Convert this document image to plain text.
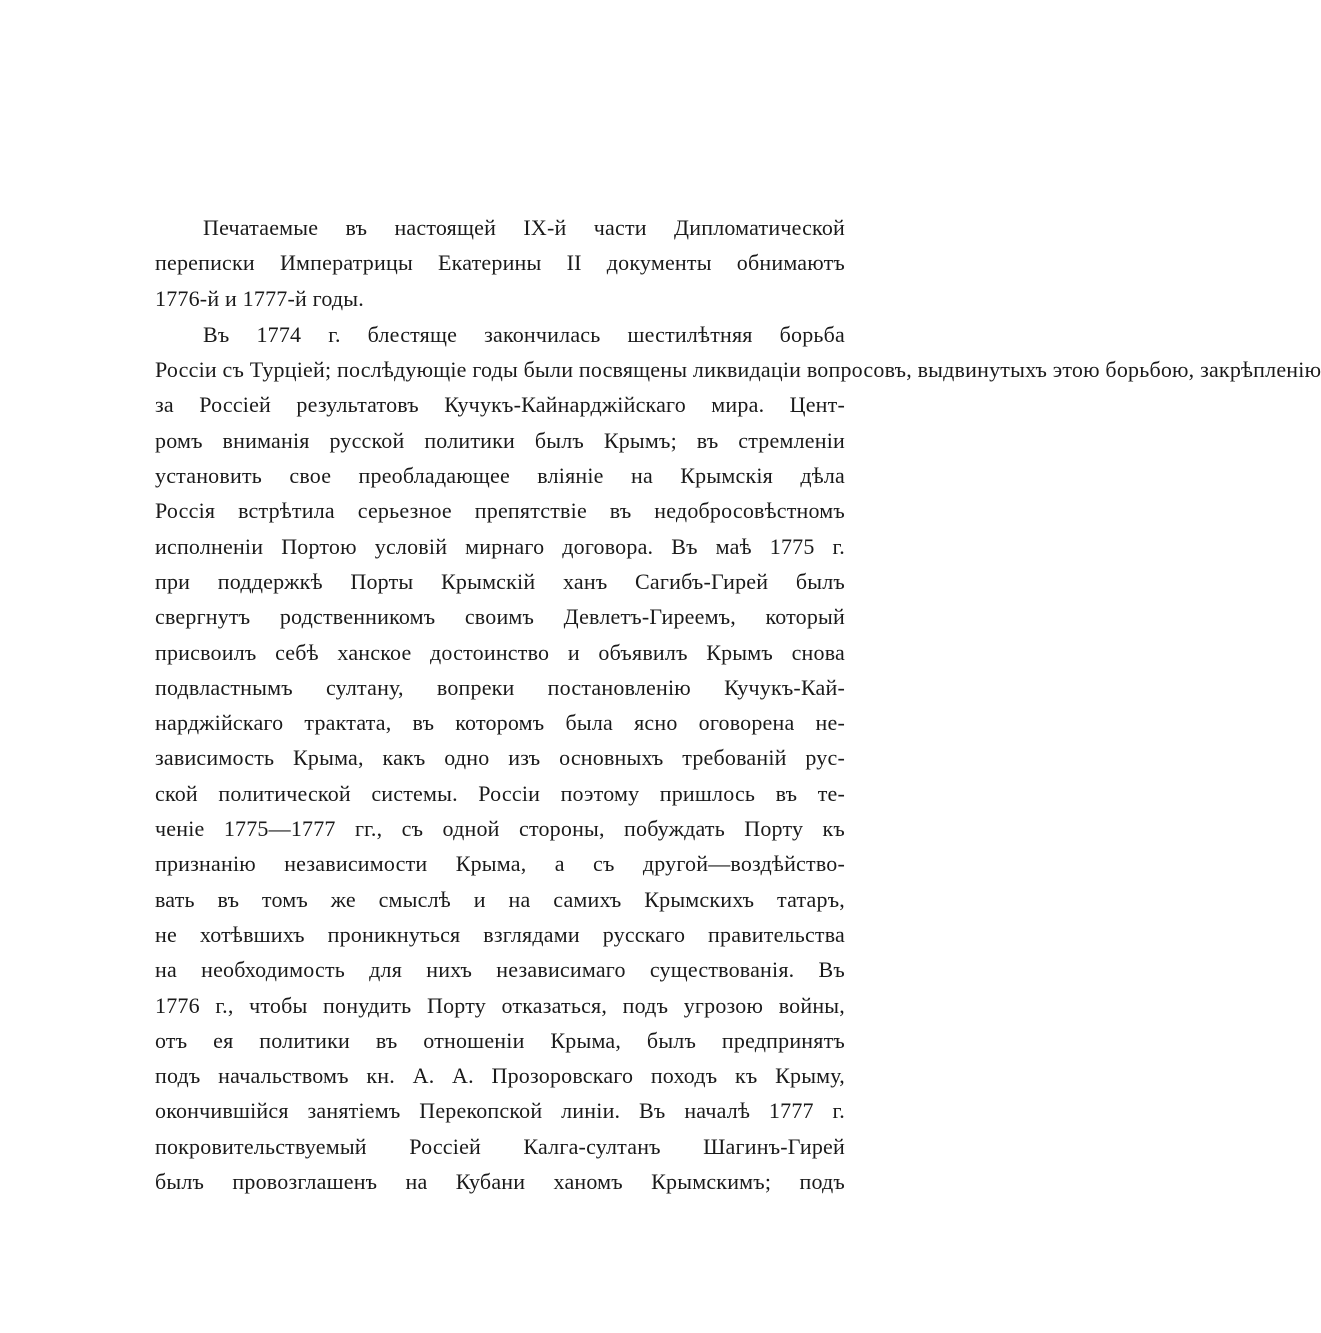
Печатаемые въ настоящей IX-й части Дипломатической
переписки Императрицы Екатерины II документы обнимаютъ
1776-й и 1777-й годы.
Въ 1774 г. блестяще закончилась шестилѣтняя борьба
Россіи съ Турціей; послѣдующіе годы были посвящены ликвидаціи вопросовъ, выдвинутыхъ этою борьбою, закрѣпленію
за Россіей результатовъ Кучукъ-Кайнарджійскаго мира. Цент-
ромъ вниманія русской политики былъ Крымъ; въ стремленіи
установить свое преобладающее вліяніе на Крымскія дѣла
Россія встрѣтила серьезное препятствіе въ недобросовѣстномъ
исполненіи Портою условій мирнаго договора. Въ маѣ 1775 г.
при поддержкѣ Порты Крымскій ханъ Сагибъ-Гирей былъ
свергнутъ родственникомъ своимъ Девлетъ-Гиреемъ, который
присвоилъ себѣ ханское достоинство и объявилъ Крымъ снова
подвластнымъ султану, вопреки постановленію Кучукъ-Кай-
нарджійскаго трактата, въ которомъ была ясно оговорена не-
зависимость Крыма, какъ одно изъ основныхъ требованій рус-
ской политической системы. Россіи поэтому пришлось въ те-
ченіе 1775—1777 гг., съ одной стороны, побуждать Порту къ
признанію независимости Крыма, а съ другой—воздѣйство-
вать въ томъ же смыслѣ и на самихъ Крымскихъ татаръ,
не хотѣвшихъ проникнуться взглядами русскаго правительства
на необходимость для нихъ независимаго существованія. Въ
1776 г., чтобы понудить Порту отказаться, подъ угрозою войны,
отъ ея политики въ отношеніи Крыма, былъ предпринятъ
подъ начальствомъ кн. А. А. Прозоровскаго походъ къ Крыму,
окончившійся занятіемъ Перекопской линіи. Въ началѣ 1777 г.
покровительствуемый Россіей Калга-султанъ Шагинъ-Гирей
былъ провозглашенъ на Кубани ханомъ Крымскимъ; подъ
